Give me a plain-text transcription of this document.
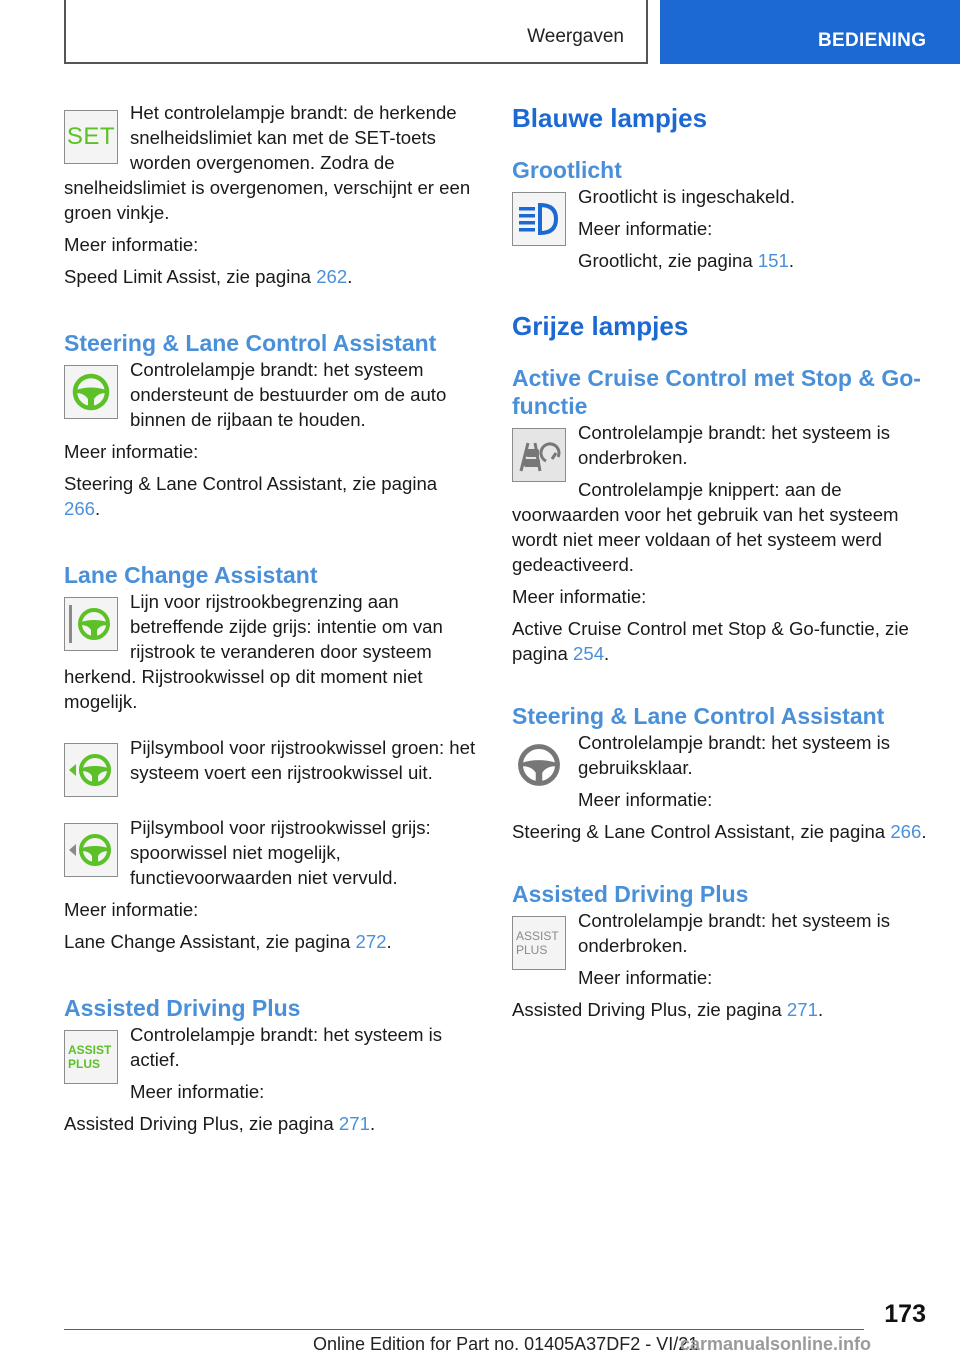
Weergaven	BEDIENING
SET

Het controlelampje brandt: de herkende snelheidslimiet kan met de SET-toets worden overgenomen. Zodra de snelheidslimiet is overgenomen, verschijnt er een groen vinkje.

Meer informatie:

Speed Limit Assist, zie pagina 262.

Steering & Lane Control Assistant

Controlelampje brandt: het systeem ondersteunt de bestuurder om de auto binnen de rijbaan te houden.

Meer informatie:

Steering & Lane Control Assistant, zie pagina 266.

Lane Change Assistant

Lijn voor rijstrookbegrenzing aan betreffende zijde grijs: intentie om van rijstrook te veranderen door systeem herkend. Rijstrookwissel op dit moment niet mogelijk.

Pijlsymbool voor rijstrookwissel groen: het systeem voert een rijstrookwissel uit.

Pijlsymbool voor rijstrookwissel grijs: spoorwissel niet mogelijk, functievoorwaarden niet vervuld.

Meer informatie:

Lane Change Assistant, zie pagina 272.

Assisted Driving Plus
ASSIST
PLUS

Controlelampje brandt: het systeem is actief.

Meer informatie:

Assisted Driving Plus, zie pagina 271.

Blauwe lampjes
Grootlicht

Grootlicht is ingeschakeld.

Meer informatie:

Grootlicht, zie pagina 151.

Grijze lampjes
Active Cruise Control met Stop & Go-functie

Controlelampje brandt: het systeem is onderbroken.

Controlelampje knippert: aan de voorwaarden voor het gebruik van het systeem wordt niet meer voldaan of het systeem werd gedeactiveerd.

Meer informatie:

Active Cruise Control met Stop & Go-functie, zie pagina 254.

Steering & Lane Control Assistant

Controlelampje brandt: het systeem is gebruiksklaar.

Meer informatie:

Steering & Lane Control Assistant, zie pagina 266.

Assisted Driving Plus
ASSIST
PLUS

Controlelampje brandt: het systeem is onderbroken.

Meer informatie:

Assisted Driving Plus, zie pagina 271.

173
Online Edition for Part no. 01405A37DF2 - VI/21
carmanualsonline.info
